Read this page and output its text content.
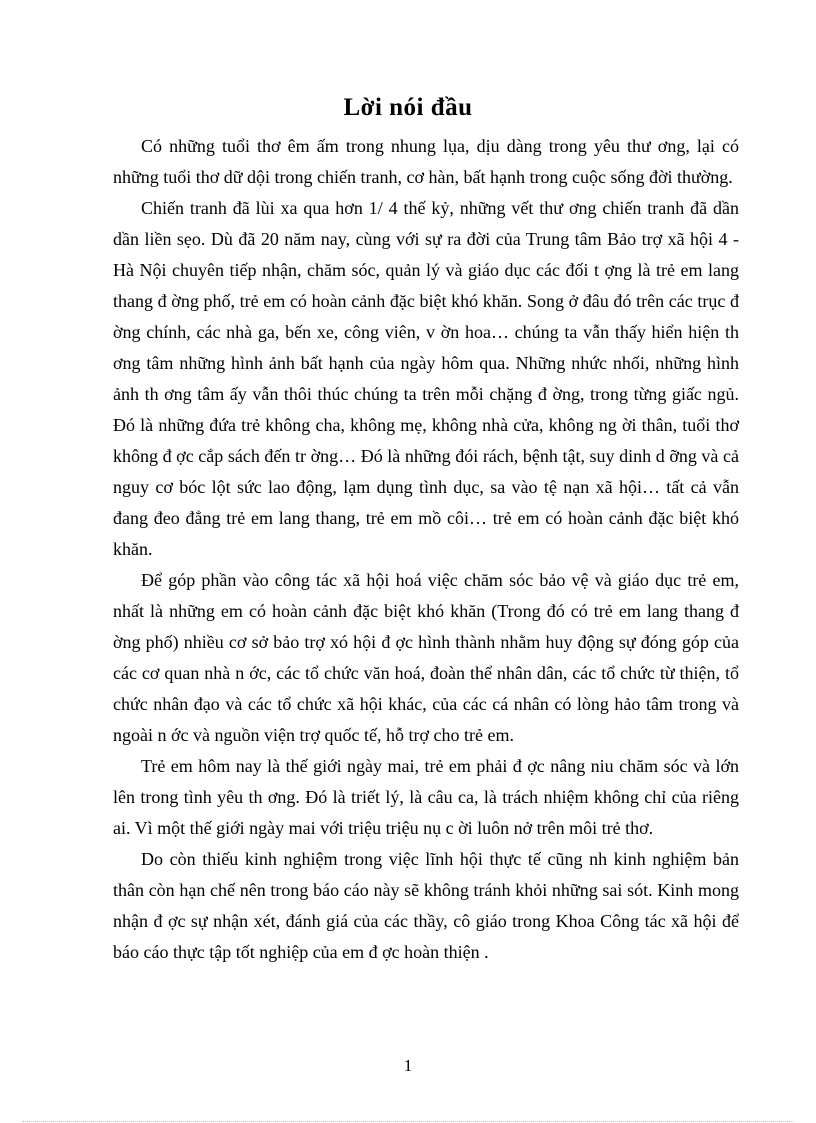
Lời nói đầu

Có những tuổi thơ êm ấm trong nhung lụa, dịu dàng trong yêu thư ơng, lại có những tuổi thơ dữ dội trong chiến tranh, cơ hàn, bất hạnh trong cuộc sống đời thường.

Chiến tranh đã lùi xa qua hơn 1/ 4 thế kỷ, những vết thư ơng chiến tranh đã dần dần liền sẹo. Dù đã 20 năm nay, cùng với sự ra đời của Trung tâm Bảo trợ xã hội 4 - Hà Nội chuyên tiếp nhận, chăm sóc, quản lý và giáo dục các đối t ợng là trẻ em lang thang đ ờng phố, trẻ em có hoàn cảnh đặc biệt khó khăn. Song ở đâu đó trên các trục đ ờng chính, các nhà ga, bến xe, công viên, v ờn hoa… chúng ta vẫn thấy hiển hiện th ơng tâm những hình ảnh bất hạnh của ngày hôm qua. Những nhức nhối, những hình ảnh th ơng tâm ấy vẫn thôi thúc chúng ta trên mỗi chặng đ ờng, trong từng giấc ngủ. Đó là những đứa trẻ không cha, không mẹ, không nhà cửa, không ng ời thân, tuổi thơ không đ ợc cắp sách đến tr ờng… Đó là những đói rách, bệnh tật, suy dinh d ỡng và cả nguy cơ bóc lột sức lao động, lạm dụng tình dục, sa vào tệ nạn xã hội… tất cả vẫn đang đeo đẳng trẻ em lang thang, trẻ em mồ côi… trẻ em có hoàn cảnh đặc biệt khó khăn.

Để góp phần vào công tác xã hội hoá việc chăm sóc bảo vệ và giáo dục trẻ em, nhất là những em có hoàn cảnh đặc biệt khó khăn (Trong đó có trẻ em lang thang đ ờng phố) nhiều cơ sở bảo trợ xó hội đ ợc hình thành nhằm huy động sự đóng góp của các cơ quan nhà n ớc, các tổ chức văn hoá, đoàn thể nhân dân, các tổ chức từ thiện, tổ chức nhân đạo và các tổ chức xã hội khác, của các cá nhân có lòng hảo tâm trong và ngoài n ớc và nguồn viện trợ quốc tế, hỗ trợ cho trẻ em.

Trẻ em hôm nay là thế giới ngày mai, trẻ em phải đ ợc nâng niu chăm sóc và lớn lên trong tình yêu th ơng. Đó là triết lý, là câu ca, là trách nhiệm không chỉ của riêng ai. Vì một thế giới ngày mai với triệu triệu nụ c ời luôn nở trên môi trẻ thơ.

Do còn thiếu kinh nghiệm trong việc lĩnh hội thực tế cũng nh kinh nghiệm bản thân còn hạn chế nên trong báo cáo này sẽ không tránh khỏi những sai sót. Kinh mong nhận đ ợc sự nhận xét, đánh giá của các thầy, cô giáo trong Khoa Công tác xã hội để báo cáo thực tập tốt nghiệp của em đ ợc hoàn thiện .

1
